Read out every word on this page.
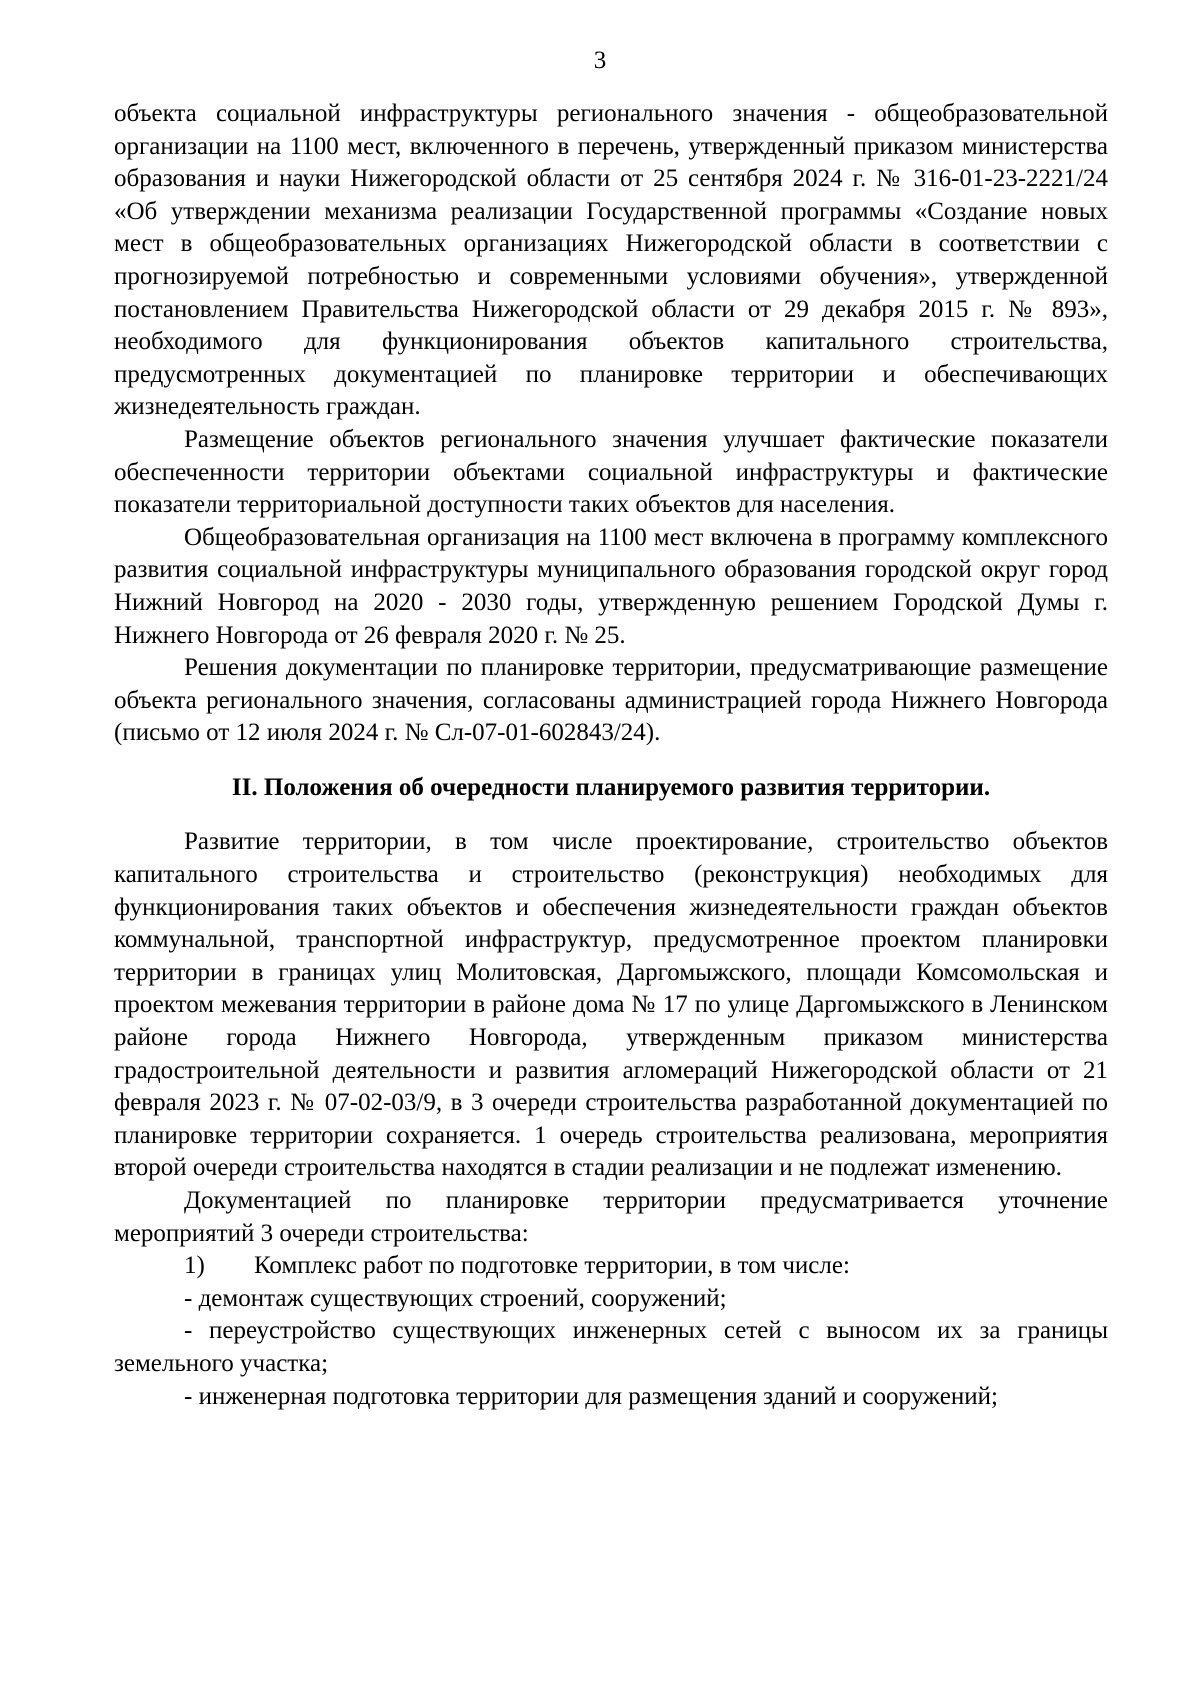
3

объекта социальной инфраструктуры регионального значения - общеобразовательной организации на 1100 мест, включенного в перечень, утвержденный приказом министерства образования и науки Нижегородской области от 25 сентября 2024 г. № 316-01-23-2221/24 «Об утверждении механизма реализации Государственной программы «Создание новых мест в общеобразовательных организациях Нижегородской области в соответствии с прогнозируемой потребностью и современными условиями обучения», утвержденной постановлением Правительства Нижегородской области от 29 декабря 2015 г. № 893», необходимого для функционирования объектов капитального строительства, предусмотренных документацией по планировке территории и обеспечивающих жизнедеятельность граждан.

Размещение объектов регионального значения улучшает фактические показатели обеспеченности территории объектами социальной инфраструктуры и фактические показатели территориальной доступности таких объектов для населения.

Общеобразовательная организация на 1100 мест включена в программу комплексного развития социальной инфраструктуры муниципального образования городской округ город Нижний Новгород на 2020 - 2030 годы, утвержденную решением Городской Думы г. Нижнего Новгорода от 26 февраля 2020 г. № 25.

Решения документации по планировке территории, предусматривающие размещение объекта регионального значения, согласованы администрацией города Нижнего Новгорода (письмо от 12 июля 2024 г. № Сл-07-01-602843/24).

II. Положения об очередности планируемого развития территории.

Развитие территории, в том числе проектирование, строительство объектов капитального строительства и строительство (реконструкция) необходимых для функционирования таких объектов и обеспечения жизнедеятельности граждан объектов коммунальной, транспортной инфраструктур, предусмотренное проектом планировки территории в границах улиц Молитовская, Даргомыжского, площади Комсомольская и проектом межевания территории в районе дома № 17 по улице Даргомыжского в Ленинском районе города Нижнего Новгорода, утвержденным приказом министерства градостроительной деятельности и развития агломераций Нижегородской области от 21 февраля 2023 г. № 07-02-03/9, в 3 очереди строительства разработанной документацией по планировке территории сохраняется. 1 очередь строительства реализована, мероприятия второй очереди строительства находятся в стадии реализации и не подлежат изменению.

Документацией по планировке территории предусматривается уточнение мероприятий 3 очереди строительства:

1) Комплекс работ по подготовке территории, в том числе:

- демонтаж существующих строений, сооружений;

- переустройство существующих инженерных сетей с выносом их за границы земельного участка;

- инженерная подготовка территории для размещения зданий и сооружений;
